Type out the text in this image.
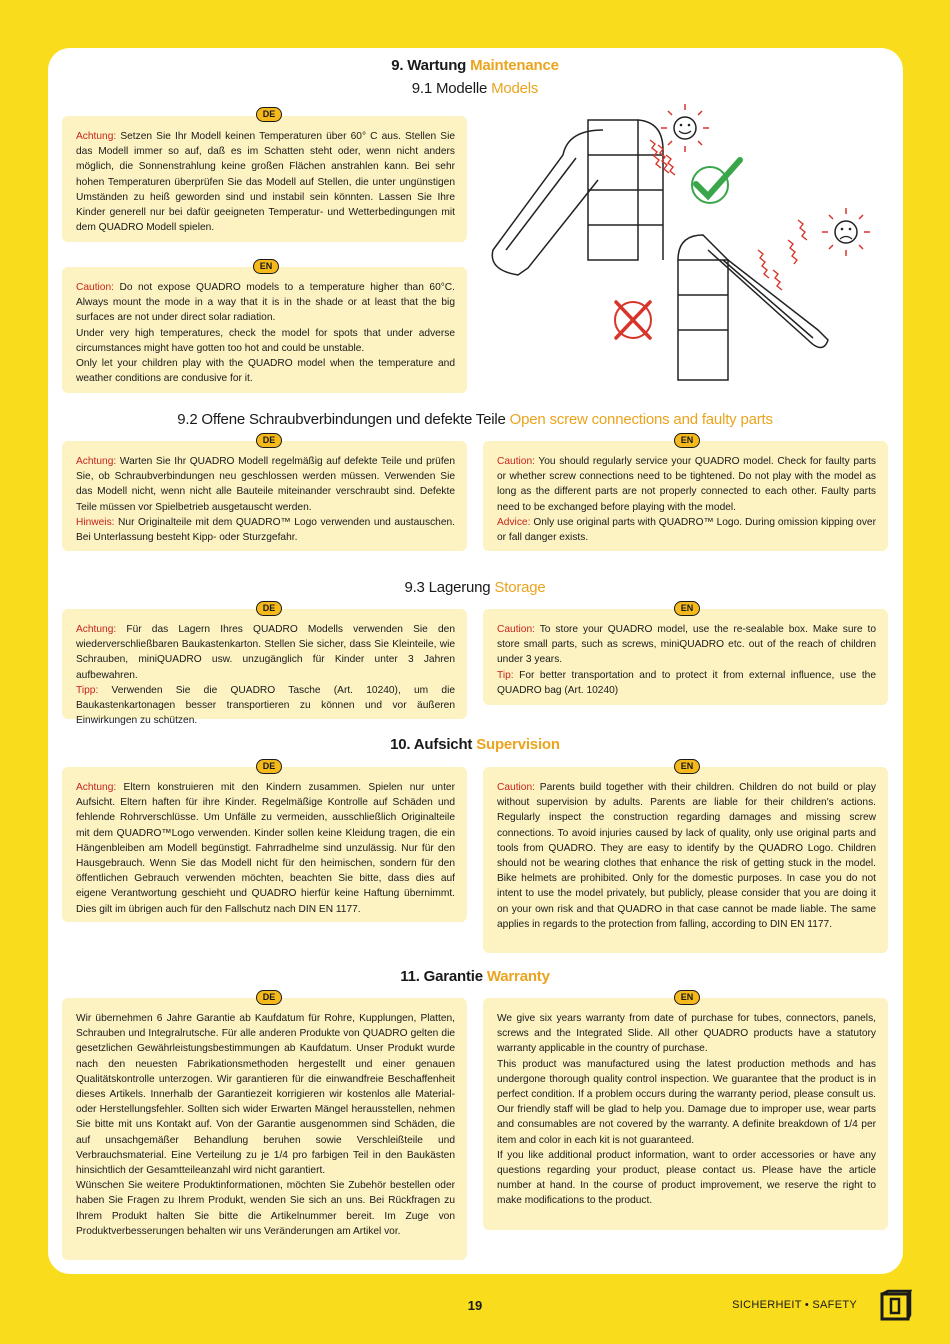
9. Wartung Maintenance
9.1 Modelle Models

Achtung: Setzen Sie Ihr Modell keinen Temperaturen über 60° C aus. Stellen Sie das Modell immer so auf, daß es im Schatten steht oder, wenn nicht anders möglich, die Sonnenstrahlung keine großen Flächen anstrahlen kann. Bei sehr hohen Temperaturen überprüfen Sie das Modell auf Stellen, die unter ungünstigen Umständen zu heiß geworden sind und instabil sein könnten. Lassen Sie Ihre Kinder generell nur bei dafür geeigneten Temperatur- und Wetterbedingungen mit dem QUADRO Modell spielen.

DE

Caution: Do not expose QUADRO models to a temperature higher than 60°C. Always mount the mode in a way that it is in the shade or at least that the big surfaces are not under direct solar radiation.

Under very high temperatures, check the model for spots that under adverse circumstances might have gotten too hot and could be unstable.

Only let your children play with the QUADRO model when the temperature and weather conditions are condusive for it.

EN
9.2 Offene Schraubverbindungen und defekte Teile Open screw connections and faulty parts

Achtung: Warten Sie Ihr QUADRO Modell regelmäßig auf defekte Teile und prüfen Sie, ob Schraubverbindungen neu geschlossen werden müssen. Verwenden Sie das Modell nicht, wenn nicht alle Bauteile miteinander verschraubt sind. Defekte Teile müssen vor Spielbetrieb ausgetauscht werden.

Hinweis: Nur Originalteile mit dem QUADRO™ Logo verwenden und austauschen. Bei Unterlassung besteht Kipp- oder Sturzgefahr.

DE

Caution: You should regularly service your QUADRO model. Check for faulty parts or whether screw connections need to be tightened. Do not play with the model as long as the different parts are not properly connected to each other. Faulty parts need to be exchanged before playing with the model.

Advice: Only use original parts with QUADRO™ Logo. During omission kipping over or fall danger exists.

EN
9.3 Lagerung Storage

Achtung: Für das Lagern Ihres QUADRO Modells verwenden Sie den wiederverschließbaren Baukastenkarton. Stellen Sie sicher, dass Sie Kleinteile, wie Schrauben, miniQUADRO usw. unzugänglich für Kinder unter 3 Jahren aufbewahren.

Tipp: Verwenden Sie die QUADRO Tasche (Art. 10240), um die Baukastenkartonagen besser transportieren zu können und vor äußeren Einwirkungen zu schützen.

DE

Caution: To store your QUADRO model, use the re-sealable box. Make sure to store small parts, such as screws, miniQUADRO etc. out of the reach of children under 3 years.

Tip: For better transportation and to protect it from external influence, use the QUADRO bag (Art. 10240)

EN
10. Aufsicht Supervision

Achtung: Eltern konstruieren mit den Kindern zusammen. Spielen nur unter Aufsicht. Eltern haften für ihre Kinder. Regelmäßige Kontrolle auf Schäden und fehlende Rohrverschlüsse. Um Unfälle zu vermeiden, ausschließlich Originalteile mit dem QUADRO™Logo verwenden. Kinder sollen keine Kleidung tragen, die ein Hängenbleiben am Modell begünstigt. Fahrradhelme sind unzulässig. Nur für den Hausgebrauch. Wenn Sie das Modell nicht für den heimischen, sondern für den öffentlichen Gebrauch verwenden möchten, beachten Sie bitte, dass dies auf eigene Verantwortung geschieht und QUADRO hierfür keine Haftung übernimmt. Dies gilt im übrigen auch für den Fallschutz nach DIN EN 1177.

DE

Caution: Parents build together with their children. Children do not build or play without supervision by adults. Parents are liable for their children's actions. Regularly inspect the construction regarding damages and missing screw connections. To avoid injuries caused by lack of quality, only use original parts and tools from QUADRO. They are easy to identify by the QUADRO Logo. Children should not be wearing clothes that enhance the risk of getting stuck in the model. Bike helmets are prohibited. Only for the domestic purposes. In case you do not intent to use the model privately, but publicly, please consider that you are doing it on your own risk and that QUADRO in that case cannot be made liable. The same applies in regards to the protection from falling, according to DIN EN 1177.

EN
11. Garantie Warranty

Wir übernehmen 6 Jahre Garantie ab Kaufdatum für Rohre, Kupplungen, Platten, Schrauben und Integralrutsche. Für alle anderen Produkte von QUADRO gelten die gesetzlichen Gewährleistungsbestimmungen ab Kaufdatum. Unser Produkt wurde nach den neuesten Fabrikationsmethoden hergestellt und einer genauen Qualitätskontrolle unterzogen. Wir garantieren für die einwandfreie Beschaffenheit dieses Artikels. Innerhalb der Garantiezeit korrigieren wir kostenlos alle Material- oder Herstellungsfehler. Sollten sich wider Erwarten Mängel herausstellen, nehmen Sie bitte mit uns Kontakt auf. Von der Garantie ausgenommen sind Schäden, die auf unsachgemäßer Behandlung beruhen sowie Verschleißteile und Verbrauchsmaterial. Eine Verteilung zu je 1/4 pro farbigen Teil in den Baukästen hinsichtlich der Gesamtteileanzahl wird nicht garantiert.

Wünschen Sie weitere Produktinformationen, möchten Sie Zubehör bestellen oder haben Sie Fragen zu Ihrem Produkt, wenden Sie sich an uns. Bei Rückfragen zu Ihrem Produkt halten Sie bitte die Artikelnummer bereit. Im Zuge von Produktverbesserungen behalten wir uns Veränderungen am Artikel vor.

DE

We give six years warranty from date of purchase for tubes, connectors, panels, screws and the Integrated Slide. All other QUADRO products have a statutory warranty applicable in the country of purchase.

This product was manufactured using the latest production methods and has undergone thorough quality control inspection. We guarantee that the product is in perfect condition. If a problem occurs during the warranty period, please consult us. Our friendly staff will be glad to help you. Damage due to improper use, wear parts and consumables are not covered by the warranty. A definite breakdown of 1/4 per item and color in each kit is not guaranteed.

If you like additional product information, want to order accessories or have any questions regarding your product, please contact us. Please have the article number at hand. In the course of product improvement, we reserve the right to make modifications to the product.

EN
19	SICHERHEIT • SAFETY
